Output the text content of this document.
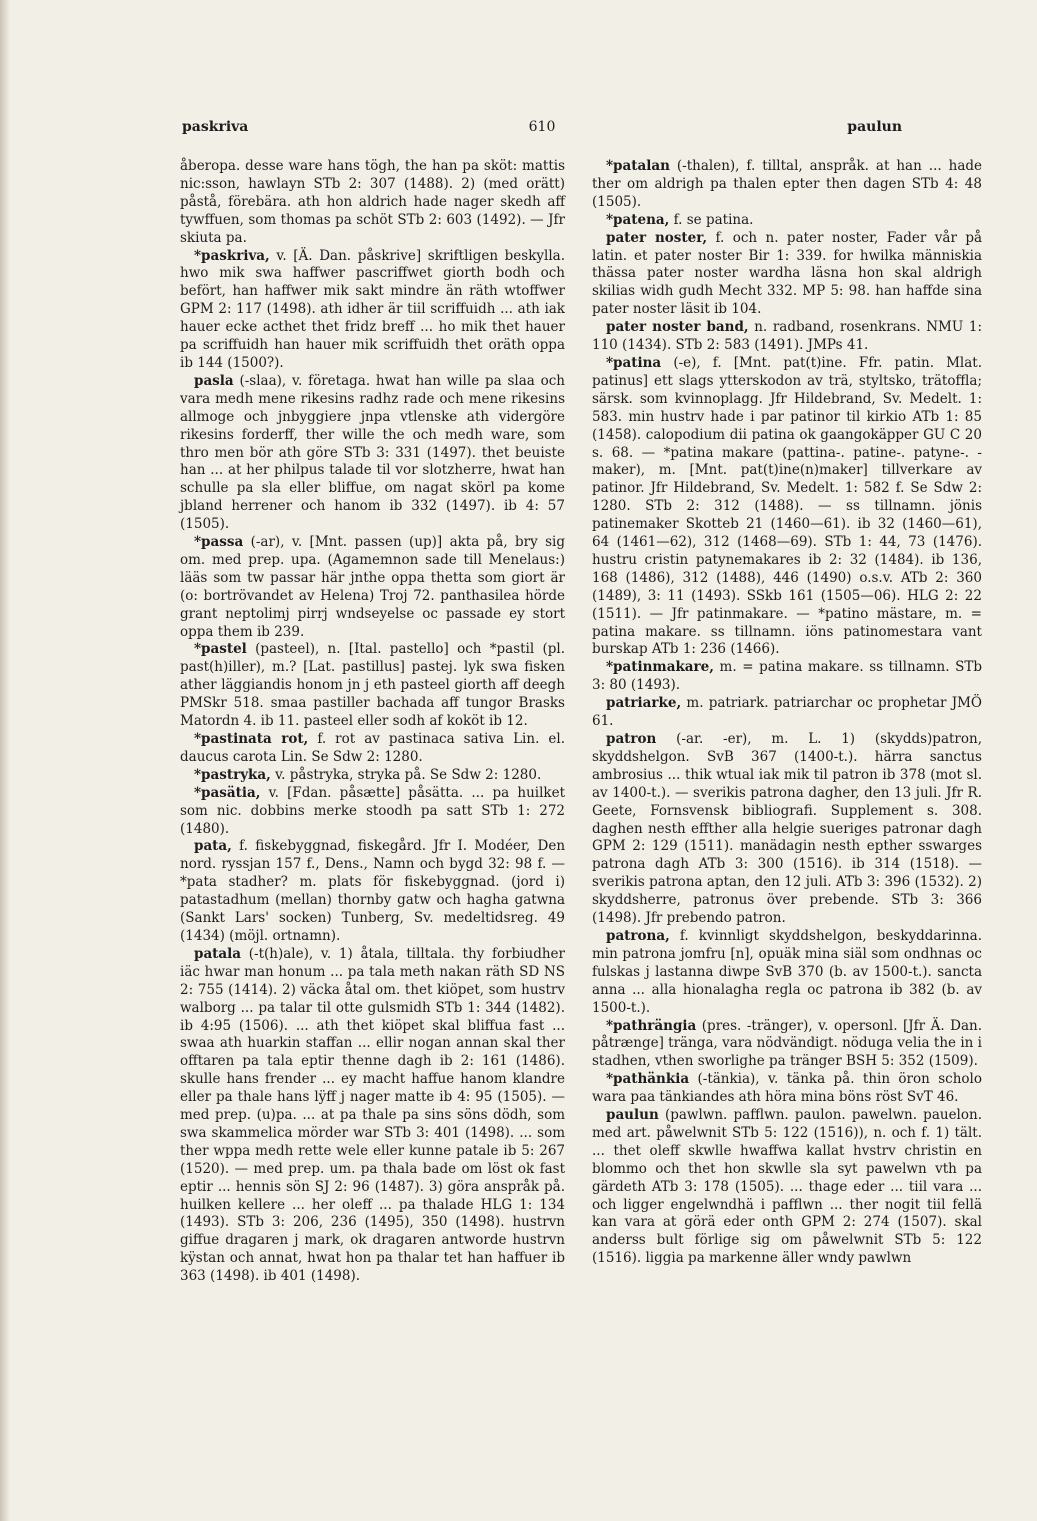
paskriva	610	paulun

åberopa. desse ware hans tögh, the han pa sköt: mattis nic:sson, hawlayn STb 2: 307 (1488). 2) (med orätt) påstå, förebära. ath hon aldrich hade nager skedh aff tywffuen, som thomas pa schöt STb 2: 603 (1492). — Jfr skiuta pa.

*paskriva, v. [Ä. Dan. påskrive] skriftligen beskylla. hwo mik swa haffwer pascriffwet giorth bodh och befört, han haffwer mik sakt mindre än räth wtoffwer GPM 2: 117 (1498). ath idher är tiil scriffuidh ... ath iak hauer ecke acthet thet fridz breff ... ho mik thet hauer pa scriffuidh han hauer mik scriffuidh thet oräth oppa ib 144 (1500?).

pasla (-slaa), v. företaga. hwat han wille pa slaa och vara medh mene rikesins radhz rade och mene rikesins allmoge och jnbyggiere jnpa vtlenske ath vidergöre rikesins forderff, ther wille the och medh ware, som thro men bör ath göre STb 3: 331 (1497). thet beuiste han ... at her philpus talade til vor slotzherre, hwat han schulle pa sla eller bliffue, om nagat skörl pa kome jbland herrener och hanom ib 332 (1497). ib 4: 57 (1505).

*passa (-ar), v. [Mnt. passen (up)] akta på, bry sig om. med prep. upa. (Agamemnon sade till Menelaus:) lääs som tw passar här jnthe oppa thetta som giort är (o: bortrövandet av Helena) Troj 72. panthasilea hörde grant neptolimj pirrj wndseyelse oc passade ey stort oppa them ib 239.

*pastel (pasteel), n. [Ital. pastello] och *pastil (pl. past(h)iller), m.? [Lat. pastillus] pastej. lyk swa fisken ather läggiandis honom jn j eth pasteel giorth aff deegh PMSkr 518. smaa pastiller bachada aff tungor Brasks Matordn 4. ib 11. pasteel eller sodh af koköt ib 12.

*pastinata rot, f. rot av pastinaca sativa Lin. el. daucus carota Lin. Se Sdw 2: 1280.

*pastryka, v. påstryka, stryka på. Se Sdw 2: 1280.

*pasätia, v. [Fdan. påsætte] påsätta. ... pa huilket som nic. dobbins merke stoodh pa satt STb 1: 272 (1480).

pata, f. fiskebyggnad, fiskegård. Jfr I. Modéer, Den nord. ryssjan 157 f., Dens., Namn och bygd 32: 98 f. — *pata stadher? m. plats för fiskebyggnad. (jord i) patastadhum (mellan) thornby gatw och hagha gatwna (Sankt Lars' socken) Tunberg, Sv. medeltidsreg. 49 (1434) (möjl. ortnamn).

patala (-t(h)ale), v. 1) åtala, tilltala. thy forbiudher iäc hwar man honum ... pa tala meth nakan räth SD NS 2: 755 (1414). 2) väcka åtal om. thet kiöpet, som hustrv walborg ... pa talar til otte gulsmidh STb 1: 344 (1482). ib 4:95 (1506). ... ath thet kiöpet skal bliffua fast ... swaa ath huarkin staffan ... ellir nogan annan skal ther offtaren pa tala eptir thenne dagh ib 2: 161 (1486). skulle hans frender ... ey macht haffue hanom klandre eller pa thale hans lÿff j nager matte ib 4: 95 (1505). — med prep. (u)pa. ... at pa thale pa sins söns dödh, som swa skammelica mörder war STb 3: 401 (1498). ... som ther wppa medh rette wele eller kunne patale ib 5: 267 (1520). — med prep. um. pa thala bade om löst ok fast eptir ... hennis sön SJ 2: 96 (1487). 3) göra anspråk på. huilken kellere ... her oleff ... pa thalade HLG 1: 134 (1493). STb 3: 206, 236 (1495), 350 (1498). hustrvn giffue dragaren j mark, ok dragaren antworde hustrvn kÿstan och annat, hwat hon pa thalar tet han haffuer ib 363 (1498). ib 401 (1498).

*patalan (-thalen), f. tilltal, anspråk. at han ... hade ther om aldrigh pa thalen epter then dagen STb 4: 48 (1505).

*patena, f. se patina.

pater noster, f. och n. pater noster, Fader vår på latin. et pater noster Bir 1: 339. for hwilka människia thässa pater noster wardha läsna hon skal aldrigh skilias widh gudh Mecht 332. MP 5: 98. han haffde sina pater noster läsit ib 104.

pater noster band, n. radband, rosenkrans. NMU 1: 110 (1434). STb 2: 583 (1491). JMPs 41.

*patina (-e), f. [Mnt. pat(t)ine. Ffr. patin. Mlat. patinus] ett slags ytterskodon av trä, styltsko, trätoffla; särsk. som kvinnoplagg. Jfr Hildebrand, Sv. Medelt. 1: 583. min hustrv hade i par patinor til kirkio ATb 1: 85 (1458). calopodium dii patina ok gaangokäpper GU C 20 s. 68. — *patina makare (pattina-. patine-. patyne-. -maker), m. [Mnt. pat(t)ine(n)maker] tillverkare av patinor. Jfr Hildebrand, Sv. Medelt. 1: 582 f. Se Sdw 2: 1280. STb 2: 312 (1488). — ss tillnamn. jönis patinemaker Skotteb 21 (1460—61). ib 32 (1460—61), 64 (1461—62), 312 (1468—69). STb 1: 44, 73 (1476). hustru cristin patynemakares ib 2: 32 (1484). ib 136, 168 (1486), 312 (1488), 446 (1490) o.s.v. ATb 2: 360 (1489), 3: 11 (1493). SSkb 161 (1505—06). HLG 2: 22 (1511). — Jfr patinmakare. — *patino mästare, m. = patina makare. ss tillnamn. iöns patinomestara vant burskap ATb 1: 236 (1466).

*patinmakare, m. = patina makare. ss tillnamn. STb 3: 80 (1493).

patriarke, m. patriark. patriarchar oc prophetar JMÖ 61.

patron (-ar. -er), m. L. 1) (skydds)patron, skyddshelgon. SvB 367 (1400-t.). härra sanctus ambrosius ... thik wtual iak mik til patron ib 378 (mot sl. av 1400-t.). — sverikis patrona dagher, den 13 juli. Jfr R. Geete, Fornsvensk bibliografi. Supplement s. 308. daghen nesth effther alla helgie sueriges patronar dagh GPM 2: 129 (1511). manädagin nesth epther sswarges patrona dagh ATb 3: 300 (1516). ib 314 (1518). — sverikis patrona aptan, den 12 juli. ATb 3: 396 (1532). 2) skyddsherre, patronus över prebende. STb 3: 366 (1498). Jfr prebendo patron.

patrona, f. kvinnligt skyddshelgon, beskyddarinna. min patrona jomfru [n], opuäk mina siäl som ondhnas oc fulskas j lastanna diwpe SvB 370 (b. av 1500-t.). sancta anna ... alla hionalagha regla oc patrona ib 382 (b. av 1500-t.).

*pathrängia (pres. -tränger), v. opersonl. [Jfr Ä. Dan. påtrænge] tränga, vara nödvändigt. nöduga velia the in i stadhen, vthen sworlighe pa tränger BSH 5: 352 (1509).

*pathänkia (-tänkia), v. tänka på. thin öron scholo wara paa tänkiandes ath höra mina böns röst SvT 46.

paulun (pawlwn. pafflwn. paulon. pawelwn. pauelon. med art. påwelwnit STb 5: 122 (1516)), n. och f. 1) tält. ... thet oleff skwlle hwaffwa kallat hvstrv christin en blommo och thet hon skwlle sla syt pawelwn vth pa gärdeth ATb 3: 178 (1505). ... thage eder ... tiil vara ... och ligger engelwndhä i pafflwn ... ther nogit tiil fellä kan vara at görä eder onth GPM 2: 274 (1507). skal anderss bult förlige sig om påwelwnit STb 5: 122 (1516). liggia pa markenne äller wndy pawlwn
